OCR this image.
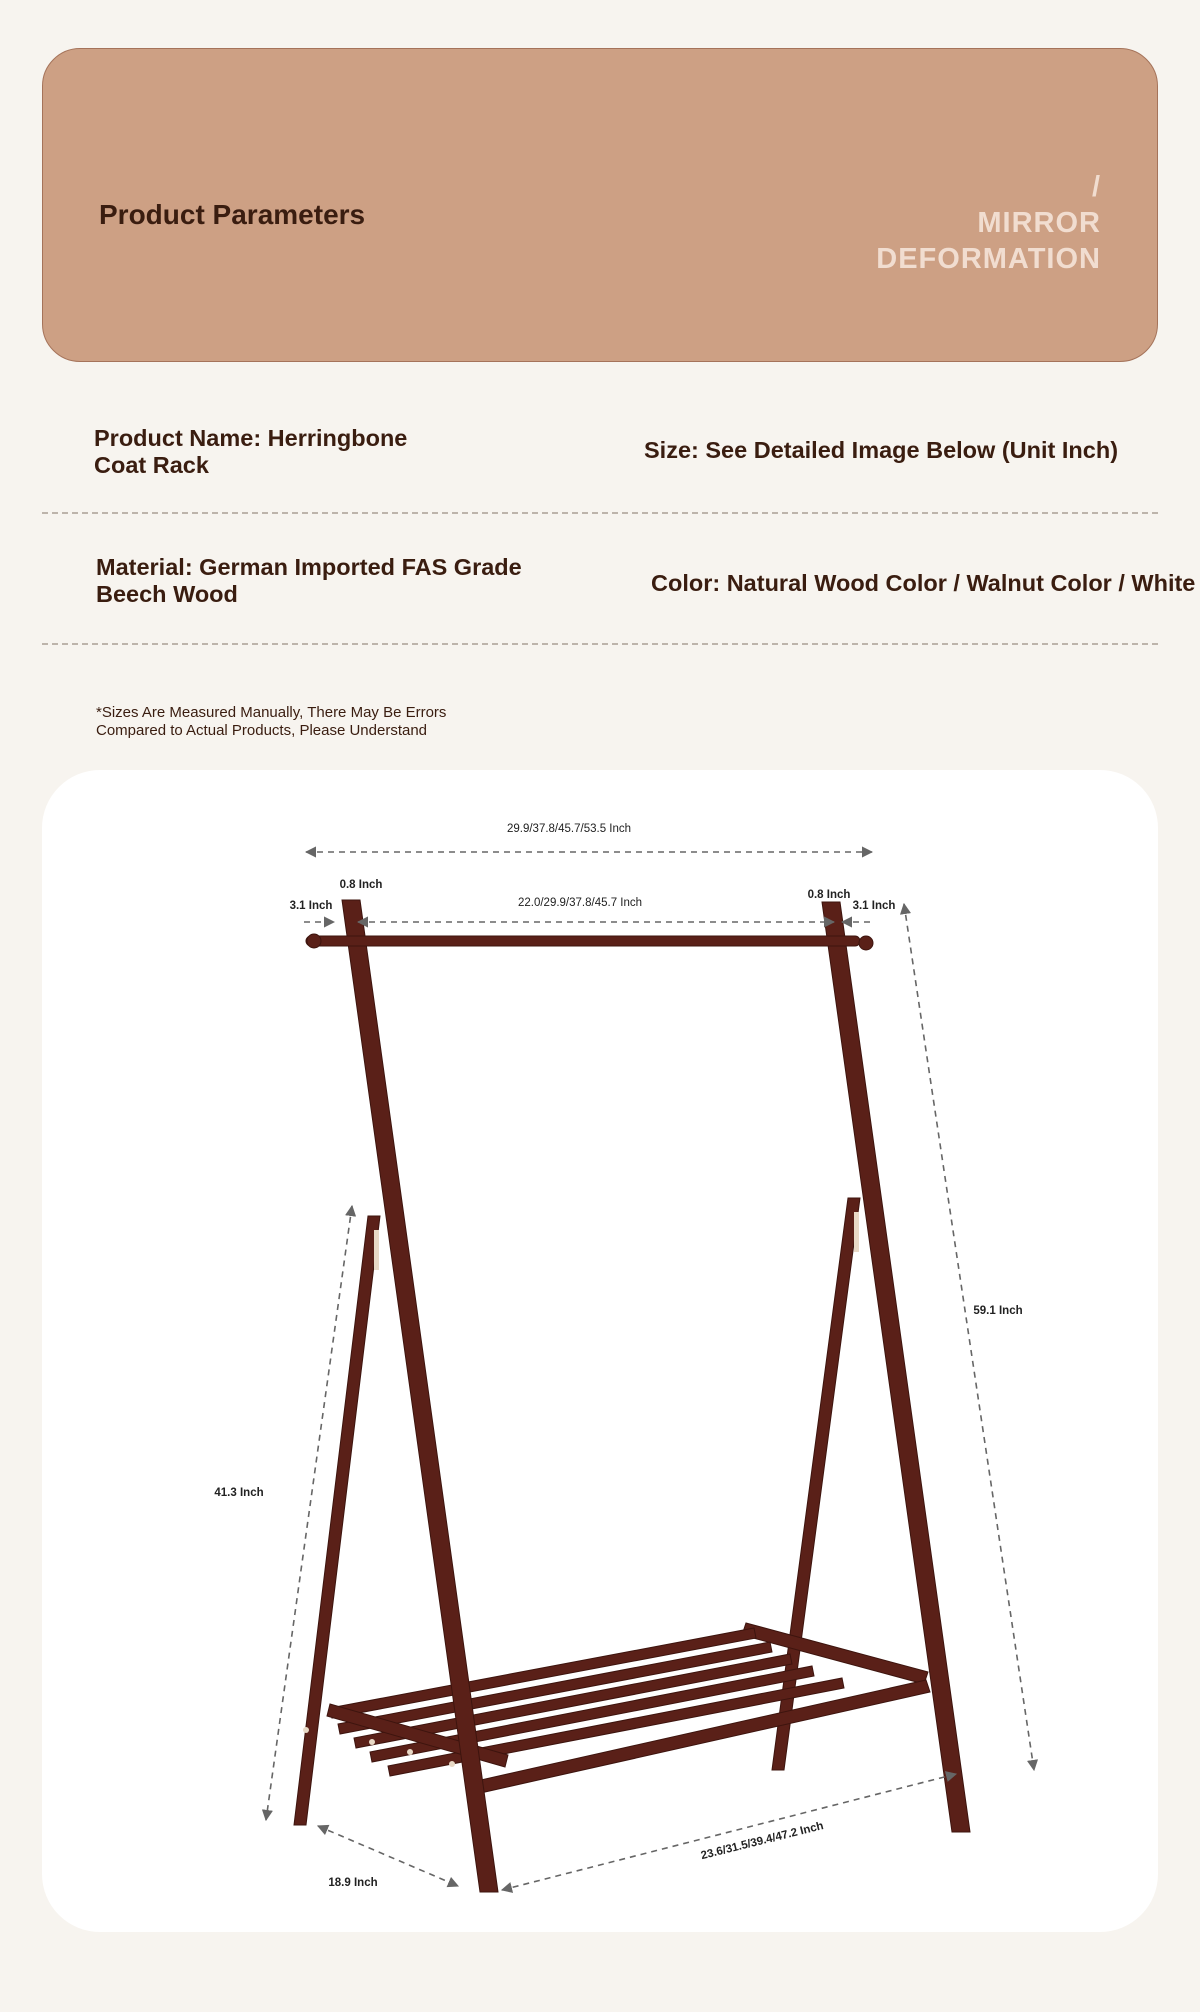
Product Parameters
/
MIRROR
DEFORMATION
Product Name: Herringbone Coat Rack
Size: See Detailed Image Below (Unit Inch)
Material: German Imported FAS Grade Beech Wood	Color: Natural Wood Color / Walnut Color / White
*Sizes Are Measured Manually, There May Be Errors Compared to Actual Products, Please Understand
29.9/37.8/45.7/53.5 Inch
22.0/29.9/37.8/45.7 Inch
0.8 Inch
0.8 Inch
3.1 Inch	3.1 Inch
59.1 Inch
41.3 Inch
18.9 Inch
23.6/31.5/39.4/47.2 Inch
